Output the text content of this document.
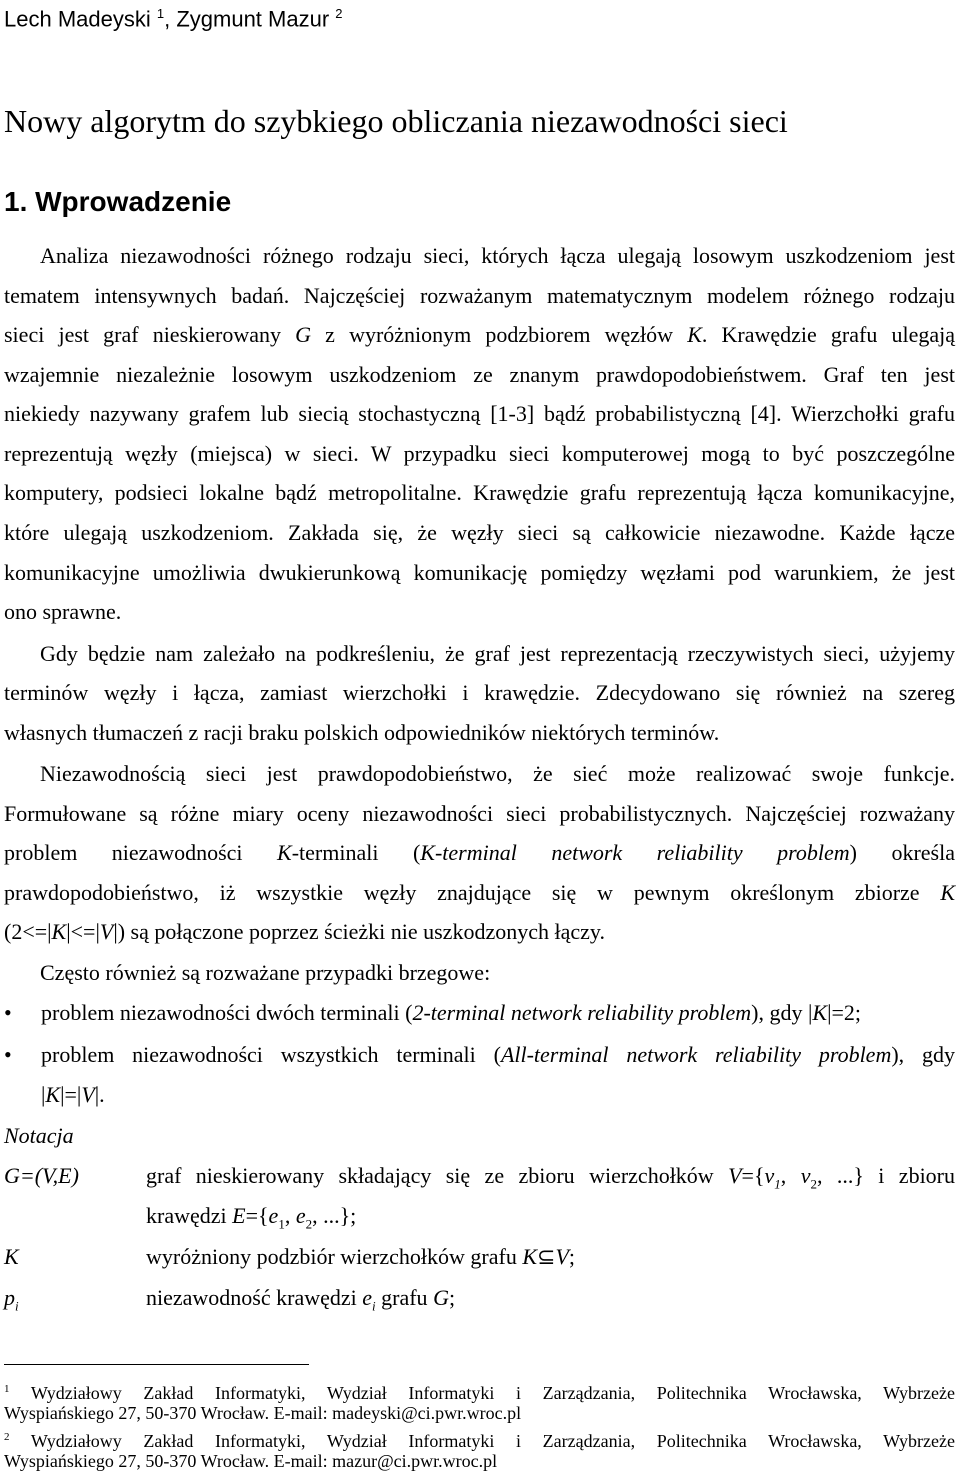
Lech Madeyski $^1$, Zygmunt Mazur $^2$
Nowy algorytm do szybkiego obliczania niezawodności sieci
1. Wprowadzenie
Analiza niezawodności różnego rodzaju sieci, których łącza ulegają losowym uszkodzeniom jest
tematem intensywnych badań. Najczęściej rozważanym matematycznym modelem różnego rodzaju
sieci jest graf nieskierowany G z wyróżnionym podzbiorem węzłów K. Krawędzie grafu ulegają
wzajemnie niezależnie losowym uszkodzeniom ze znanym prawdopodobieństwem. Graf ten jest
niekiedy nazywany grafem lub siecią stochastyczną [1-3] bądź probabilistyczną [4]. Wierzchołki grafu
reprezentują węzły (miejsca) w sieci. W przypadku sieci komputerowej mogą to być poszczególne
komputery, podsieci lokalne bądź metropolitalne. Krawędzie grafu reprezentują łącza komunikacyjne,
które ulegają uszkodzeniom. Zakłada się, że węzły sieci są całkowicie niezawodne. Każde łącze
komunikacyjne umożliwia dwukierunkową komunikację pomiędzy węzłami pod warunkiem, że jest
ono sprawne.
Gdy będzie nam zależało na podkreśleniu, że graf jest reprezentacją rzeczywistych sieci, użyjemy
terminów węzły i łącza, zamiast wierzchołki i krawędzie. Zdecydowano się również na szereg
własnych tłumaczeń z racji braku polskich odpowiedników niektórych terminów.
Niezawodnością sieci jest prawdopodobieństwo, że sieć może realizować swoje funkcje.
Formułowane są różne miary oceny niezawodności sieci probabilistycznych. Najczęściej rozważany
problem niezawodności K-terminali (K-terminal network reliability problem) określa
prawdopodobieństwo, iż wszystkie węzły znajdujące się w pewnym określonym zbiorze K
(2<=|K|<=|V|) są połączone poprzez ścieżki nie uszkodzonych łączy.
Często również są rozważane przypadki brzegowe:
• problem niezawodności dwóch terminali (2-terminal network reliability problem), gdy |K|=2;
• problem niezawodności wszystkich terminali (All-terminal network reliability problem), gdy
|K|=|V|.
Notacja
G=(V,E)	graf nieskierowany składający się ze zbioru wierzchołków $V=\{v_1$, $v_2$, ...} i zbioru
krawędzi $E=\{e_1$, $e_2$, ...};
K	wyróżniony podzbiór wierzchołków grafu K⊆V;
$p_i$	niezawodność krawędzi $e_i$ grafu G;
$^1$ Wydziałowy Zakład Informatyki, Wydział Informatyki i Zarządzania, Politechnika Wrocławska, Wybrzeże
Wyspiańskiego 27, 50-370 Wrocław. E-mail: madeyski@ci.pwr.wroc.pl
$^2$ Wydziałowy Zakład Informatyki, Wydział Informatyki i Zarządzania, Politechnika Wrocławska, Wybrzeże
Wyspiańskiego 27, 50-370 Wrocław. E-mail: mazur@ci.pwr.wroc.pl
